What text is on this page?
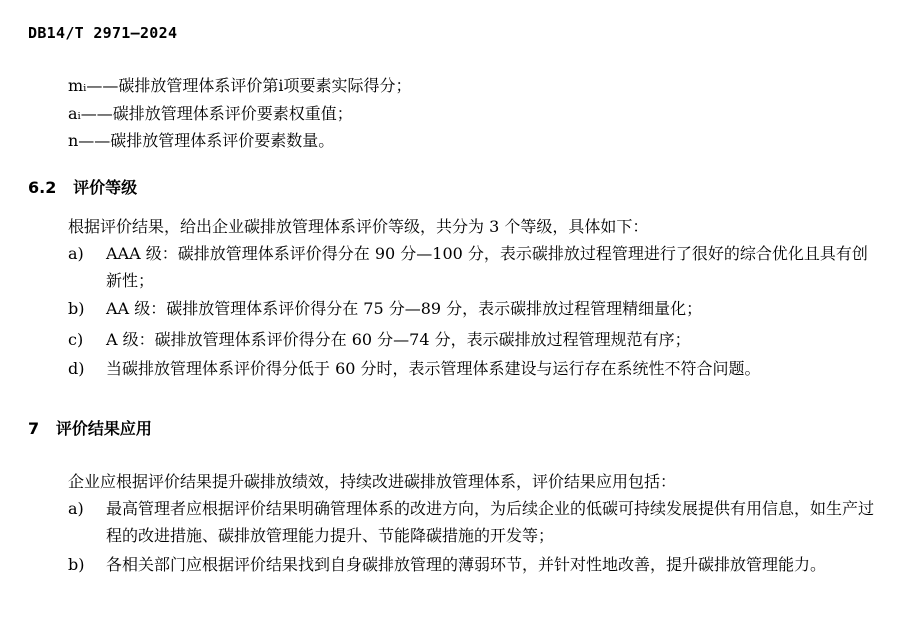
DB14/T 2971—2024
mᵢ——碳排放管理体系评价第i项要素实际得分；
aᵢ——碳排放管理体系评价要素权重值；
n——碳排放管理体系评价要素数量。
6.2 评价等级
根据评价结果，给出企业碳排放管理体系评价等级，共分为 3 个等级，具体如下：
a) AAA 级：碳排放管理体系评价得分在 90 分—100 分，表示碳排放过程管理进行了很好的综合优化且具有创新性；
b) AA 级：碳排放管理体系评价得分在 75 分—89 分，表示碳排放过程管理精细量化；
c) A 级：碳排放管理体系评价得分在 60 分—74 分，表示碳排放过程管理规范有序；
d) 当碳排放管理体系评价得分低于 60 分时，表示管理体系建设与运行存在系统性不符合问题。
7 评价结果应用
企业应根据评价结果提升碳排放绩效，持续改进碳排放管理体系，评价结果应用包括：
a) 最高管理者应根据评价结果明确管理体系的改进方向，为后续企业的低碳可持续发展提供有用信息，如生产过程的改进措施、碳排放管理能力提升、节能降碳措施的开发等；
b) 各相关部门应根据评价结果找到自身碳排放管理的薄弱环节，并针对性地改善，提升碳排放管理能力。
